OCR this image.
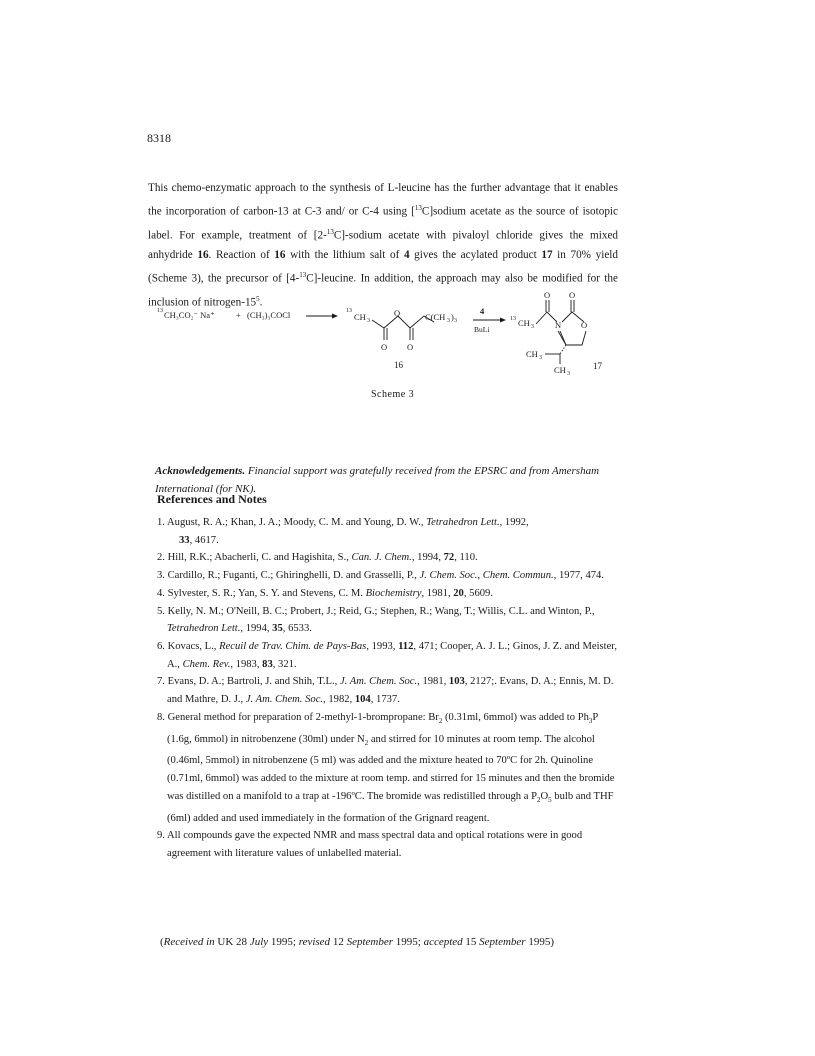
8318
This chemo-enzymatic approach to the synthesis of L-leucine has the further advantage that it enables the incorporation of carbon-13 at C-3 and/ or C-4 using [$^{13}$C]sodium acetate as the source of isotopic label. For example, treatment of [2-$^{13}$C]-sodium acetate with pivaloyl chloride gives the mixed anhydride 16. Reaction of 16 with the lithium salt of 4 gives the acylated product 17 in 70% yield (Scheme 3), the precursor of [4-$^{13}$C]-leucine. In addition, the approach may also be modified for the inclusion of nitrogen-$15^5$.
13 CH₃CO₂⁻ Na⁺	+ (CH₃)₃COCl	13
CH 3
O
O O
C(CH 3 ) 3
16
4
BuLi
13 CH 3
O
N
O
O
CH 3
CH 3
17
Scheme 3
Acknowledgements. Financial support was gratefully received from the EPSRC and from Amersham International (for NK).
References and Notes
1. August, R. A.; Khan, J. A.; Moody, C. M. and Young, D. W., Tetrahedron Lett., 1992,
33, 4617.
2. Hill, R.K.; Abacherli, C. and Hagishita, S., Can. J. Chem., 1994, 72, 110.
3. Cardillo, R.; Fuganti, C.; Ghiringhelli, D. and Grasselli, P., J. Chem. Soc., Chem. Commun., 1977, 474.
4. Sylvester, S. R.; Yan, S. Y. and Stevens, C. M. Biochemistry, 1981, 20, 5609.
5. Kelly, N. M.; O'Neill, B. C.; Probert, J.; Reid, G.; Stephen, R.; Wang, T.; Willis, C.L. and Winton, P., Tetrahedron Lett., 1994, 35, 6533.
6. Kovacs, L., Recuil de Trav. Chim. de Pays-Bas, 1993, 112, 471; Cooper, A. J. L.; Ginos, J. Z. and Meister, A., Chem. Rev., 1983, 83, 321.
7. Evans, D. A.; Bartroli, J. and Shih, T.L., J. Am. Chem. Soc., 1981, 103, 2127;. Evans, D. A.; Ennis, M. D. and Mathre, D. J., J. Am. Chem. Soc., 1982, 104, 1737.
8. General method for preparation of 2-methyl-1-brompropane: $Br_2$ (0.31ml, 6mmol) was added to $Ph_3P$ (1.6g, 6mmol) in nitrobenzene (30ml) under $N_2$ and stirred for 10 minutes at room temp. The alcohol (0.46ml, 5mmol) in nitrobenzene (5 ml) was added and the mixture heated to 70ºC for 2h. Quinoline (0.71ml, 6mmol) was added to the mixture at room temp. and stirred for 15 minutes and then the bromide was distilled on a manifold to a trap at -196ºC. The bromide was redistilled through a $P_2O_5$ bulb and THF (6ml) added and used immediately in the formation of the Grignard reagent.
9. All compounds gave the expected NMR and mass spectral data and optical rotations were in good agreement with literature values of unlabelled material.
(Received in UK 28 July 1995; revised 12 September 1995; accepted 15 September 1995)
